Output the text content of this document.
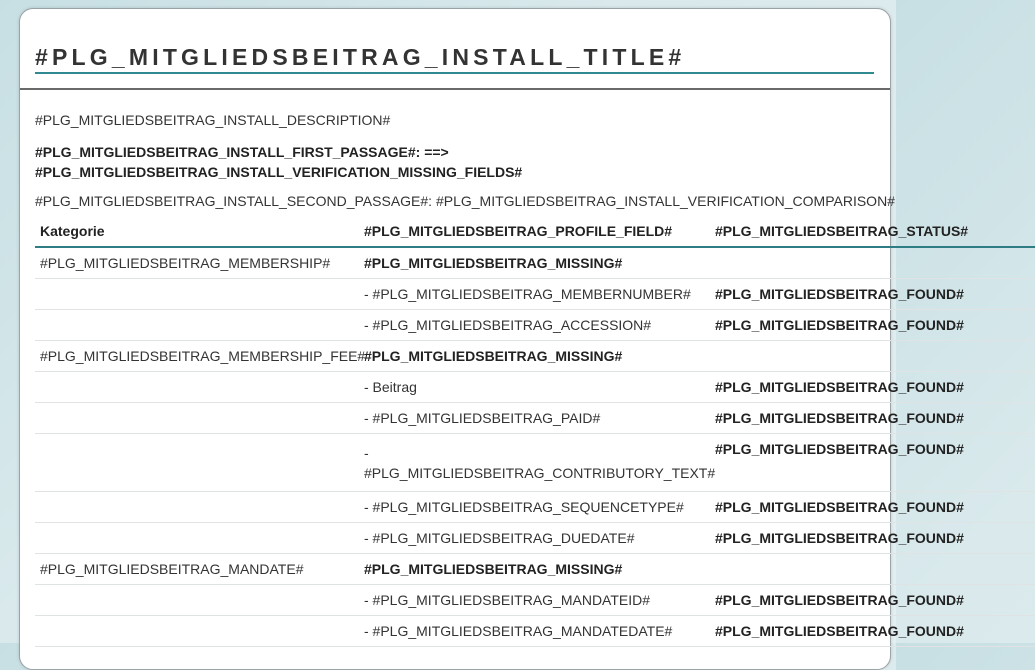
#PLG_MITGLIEDSBEITRAG_INSTALL_TITLE#
#PLG_MITGLIEDSBEITRAG_INSTALL_DESCRIPTION#
#PLG_MITGLIEDSBEITRAG_INSTALL_FIRST_PASSAGE#: ==>
#PLG_MITGLIEDSBEITRAG_INSTALL_VERIFICATION_MISSING_FIELDS#
#PLG_MITGLIEDSBEITRAG_INSTALL_SECOND_PASSAGE#: #PLG_MITGLIEDSBEITRAG_INSTALL_VERIFICATION_COMPARISON#
Kategorie	#PLG_MITGLIEDSBEITRAG_PROFILE_FIELD#	#PLG_MITGLIEDSBEITRAG_STATUS#
#PLG_MITGLIEDSBEITRAG_MEMBERSHIP#	#PLG_MITGLIEDSBEITRAG_MISSING#	
	- #PLG_MITGLIEDSBEITRAG_MEMBERNUMBER#	#PLG_MITGLIEDSBEITRAG_FOUND#
	- #PLG_MITGLIEDSBEITRAG_ACCESSION#	#PLG_MITGLIEDSBEITRAG_FOUND#
#PLG_MITGLIEDSBEITRAG_MEMBERSHIP_FEE#	#PLG_MITGLIEDSBEITRAG_MISSING#	
	- Beitrag	#PLG_MITGLIEDSBEITRAG_FOUND#
	- #PLG_MITGLIEDSBEITRAG_PAID#	#PLG_MITGLIEDSBEITRAG_FOUND#
	- #PLG_MITGLIEDSBEITRAG_CONTRIBUTORY_TEXT#	#PLG_MITGLIEDSBEITRAG_FOUND#
	- #PLG_MITGLIEDSBEITRAG_SEQUENCETYPE#	#PLG_MITGLIEDSBEITRAG_FOUND#
	- #PLG_MITGLIEDSBEITRAG_DUEDATE#	#PLG_MITGLIEDSBEITRAG_FOUND#
#PLG_MITGLIEDSBEITRAG_MANDATE#	#PLG_MITGLIEDSBEITRAG_MISSING#	
	- #PLG_MITGLIEDSBEITRAG_MANDATEID#	#PLG_MITGLIEDSBEITRAG_FOUND#
	- #PLG_MITGLIEDSBEITRAG_MANDATEDATE#	#PLG_MITGLIEDSBEITRAG_FOUND#
